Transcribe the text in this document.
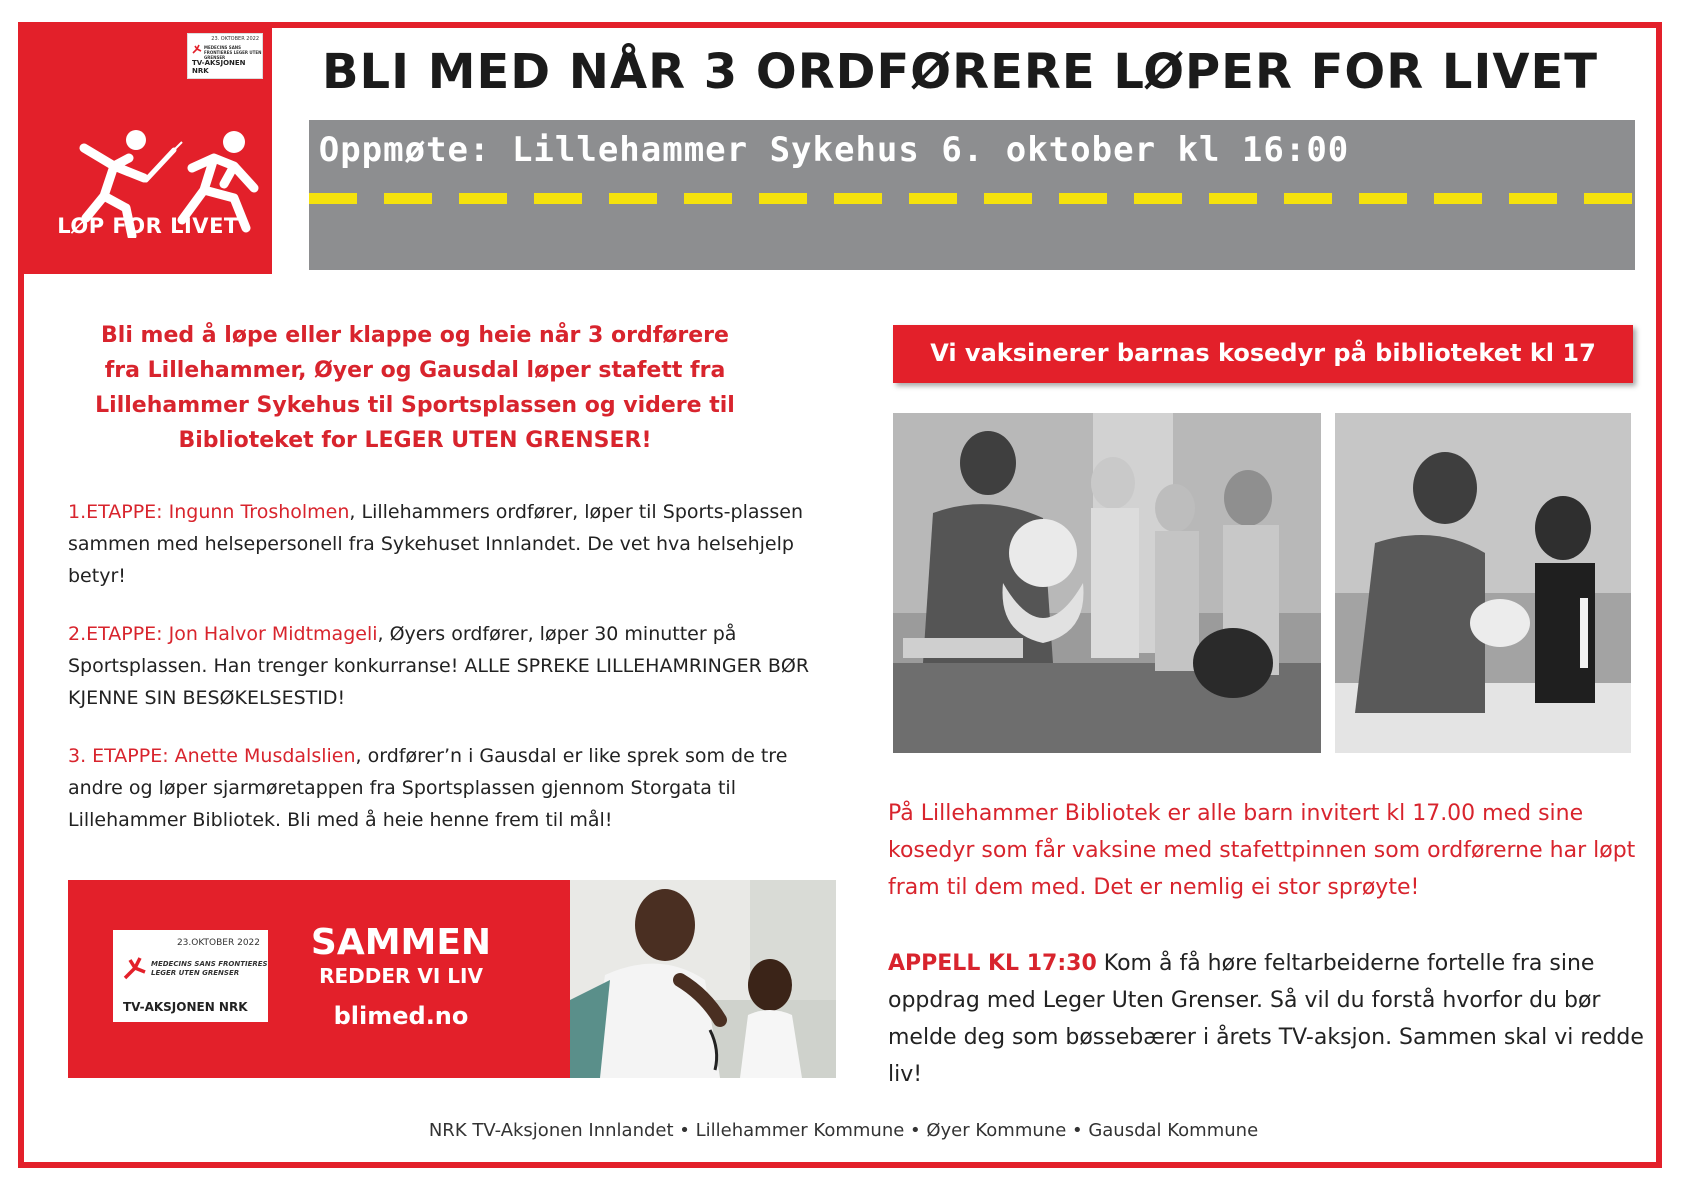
LØP FOR LIVET
23. OKTOBER 2022
MEDECINS SANS FRONTIERES LEGER UTEN GRENSER
TV-AKSJONEN NRK	BLI MED NÅR 3 ORDFØRERE LØPER FOR LIVET
Oppmøte: Lillehammer Sykehus 6. oktober kl 16:00
Bli med å løpe eller klappe og heie når 3 ordførere fra Lillehammer, Øyer og Gausdal løper stafett fra Lillehammer Sykehus til Sportsplassen og videre til Biblioteket for LEGER UTEN GRENSER!
1.ETAPPE: Ingunn Trosholmen, Lillehammers ordfører, løper til Sports-plassen sammen med helsepersonell fra Sykehuset Innlandet. De vet hva helsehjelp betyr!
2.ETAPPE: Jon Halvor Midtmageli, Øyers ordfører, løper 30 minutter på Sportsplassen. Han trenger konkurranse! ALLE SPREKE LILLEHAMRINGER BØR KJENNE SIN BESØKELSESTID!
3. ETAPPE: Anette Musdalslien, ordfører’n i Gausdal er like sprek som de tre andre og løper sjarmøretappen fra Sportsplassen gjennom Storgata til Lillehammer Bibliotek. Bli med å heie henne frem til mål!
23.OKTOBER 2022
MEDECINS SANS FRONTIERES
LEGER UTEN GRENSER
TV-AKSJONEN NRK
SAMMEN
REDDER VI LIV
blimed.no
Vi vaksinerer barnas kosedyr på biblioteket kl 17
På Lillehammer Bibliotek er alle barn invitert kl 17.00 med sine kosedyr som får vaksine med stafettpinnen som ordførerne har løpt fram til dem med. Det er nemlig ei stor sprøyte!
APPELL KL 17:30 Kom å få høre feltarbeiderne fortelle fra sine oppdrag med Leger Uten Grenser. Så vil du forstå hvorfor du bør melde deg som bøssebærer i årets TV-aksjon. Sammen skal vi redde liv!
NRK TV-Aksjonen Innlandet • Lillehammer Kommune • Øyer Kommune • Gausdal Kommune
